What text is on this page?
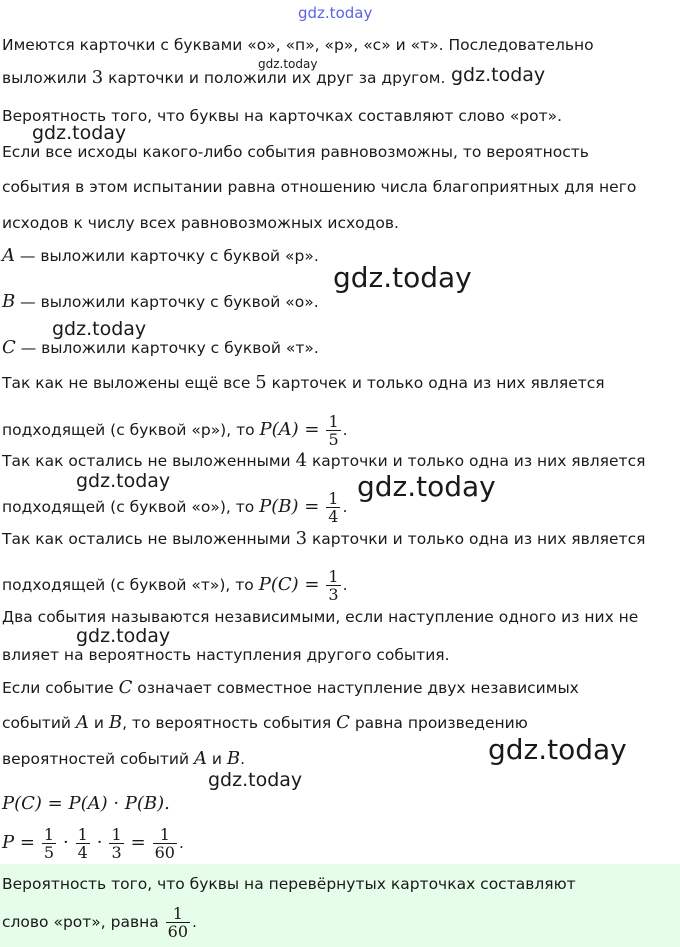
gdz.today
gdz.today	gdz.today
gdz.today
gdz.today
gdz.today
gdz.today	gdz.today
gdz.today
gdz.today
gdz.today
Имеются карточки с буквами «о», «п», «р», «с» и «т». Последовательно
выложили 3 карточки и положили их друг за другом.
Вероятность того, что буквы на карточках составляют слово «рот».
Если все исходы какого-либо события равновозможны, то вероятность
события в этом испытании равна отношению числа благоприятных для него
исходов к числу всех равновозможных исходов.
A — выложили карточку с буквой «р».
B — выложили карточку с буквой «о».
C — выложили карточку с буквой «т».
Так как не выложены ещё все 5 карточек и только одна из них является
подходящей (с буквой «р»), то $P(A) = \frac{1}{5}$ .
Так как остались не выложенными 4 карточки и только одна из них является
подходящей (с буквой «о»), то $P(B) = \frac{1}{4}$ .
Так как остались не выложенными 3 карточки и только одна из них является
подходящей (с буквой «т»), то $P(C) = \frac{1}{3}$ .
Два события называются независимыми, если наступление одного из них не
влияет на вероятность наступления другого события.
Если событие C означает совместное наступление двух независимых
событий A и B, то вероятность события C равна произведению
вероятностей событий A и B.
P(C) = P(A) · P(B).
$P = \frac{1}{5} \cdot \frac{1}{4} \cdot \frac{1}{3} = \frac{1}{60}$ .
Вероятность того, что буквы на перевёрнутых карточках составляют
слово «рот», равна $\frac{1}{60}$ .
